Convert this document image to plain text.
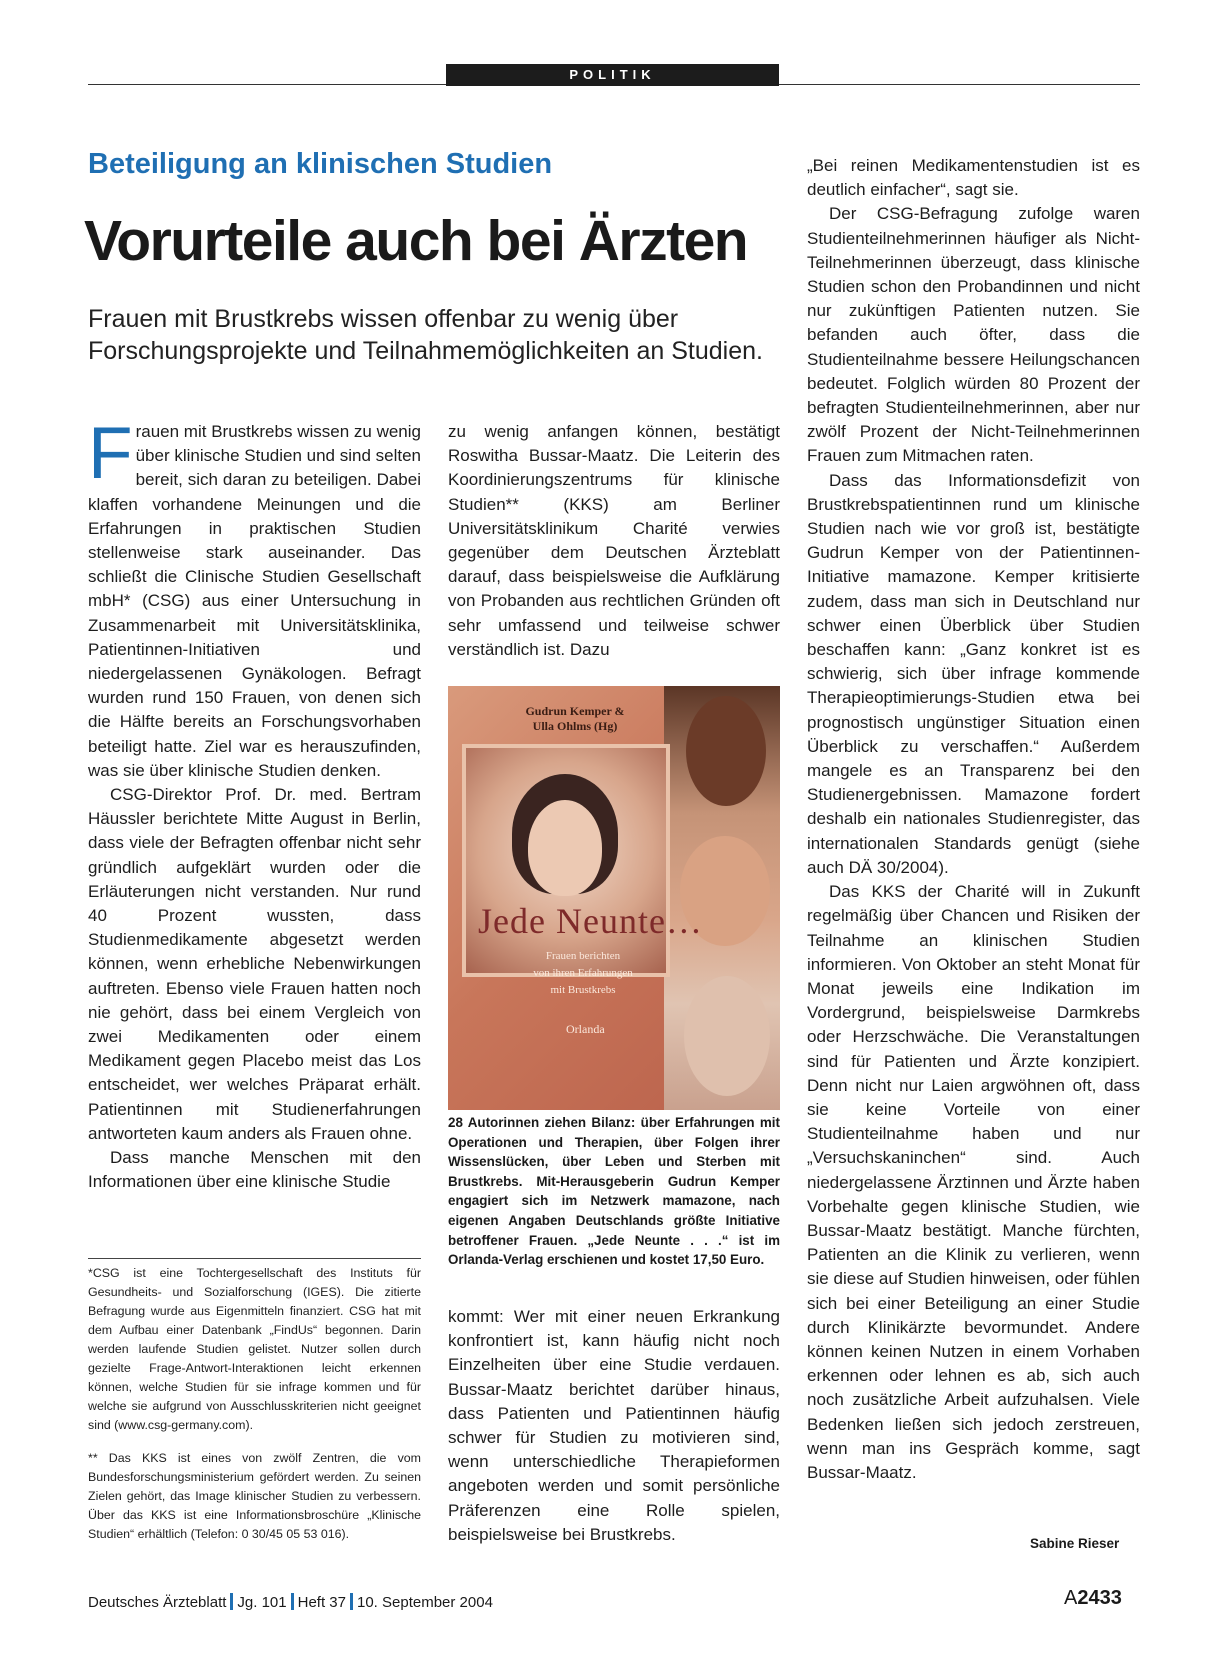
POLITIK
Beteiligung an klinischen Studien
Vorurteile auch bei Ärzten
Frauen mit Brustkrebs wissen offenbar zu wenig über Forschungsprojekte und Teilnahmemöglichkeiten an Studien.

Frauen mit Brustkrebs wissen zu wenig über klinische Studien und sind selten bereit, sich daran zu beteiligen. Dabei klaffen vorhandene Meinungen und die Erfahrungen in praktischen Studien stellenweise stark auseinander. Das schließt die Clinische Studien Gesellschaft mbH* (CSG) aus einer Untersuchung in Zusammenarbeit mit Universitätsklinika, Patientinnen-Initiativen und niedergelassenen Gynäkologen. Befragt wurden rund 150 Frauen, von denen sich die Hälfte bereits an Forschungsvorhaben beteiligt hatte. Ziel war es herauszufinden, was sie über klinische Studien denken.

CSG-Direktor Prof. Dr. med. Bertram Häussler berichtete Mitte August in Berlin, dass viele der Befragten offenbar nicht sehr gründlich aufgeklärt wurden oder die Erläuterungen nicht verstanden. Nur rund 40 Prozent wussten, dass Studienmedikamente abgesetzt werden können, wenn erhebliche Nebenwirkungen auftreten. Ebenso viele Frauen hatten noch nie gehört, dass bei einem Vergleich von zwei Medikamenten oder einem Medikament gegen Placebo meist das Los entscheidet, wer welches Präparat erhält. Patientinnen mit Studienerfahrungen antworteten kaum anders als Frauen ohne.

Dass manche Menschen mit den Informationen über eine klinische Studie

*CSG ist eine Tochtergesellschaft des Instituts für Gesundheits- und Sozialforschung (IGES). Die zitierte Befragung wurde aus Eigenmitteln finanziert. CSG hat mit dem Aufbau einer Datenbank „FindUs“ begonnen. Darin werden laufende Studien gelistet. Nutzer sollen durch gezielte Frage-Antwort-Interaktionen leicht erkennen können, welche Studien für sie infrage kommen und für welche sie aufgrund von Ausschlusskriterien nicht geeignet sind (www.csg-germany.com).

** Das KKS ist eines von zwölf Zentren, die vom Bundesforschungsministerium gefördert werden. Zu seinen Zielen gehört, das Image klinischer Studien zu verbessern. Über das KKS ist eine Informationsbroschüre „Klinische Studien“ erhältlich (Telefon: 0 30/45 05 53 016).

zu wenig anfangen können, bestätigt Roswitha Bussar-Maatz. Die Leiterin des Koordinierungszentrums für klinische Studien** (KKS) am Berliner Universitätsklinikum Charité verwies gegenüber dem Deutschen Ärzteblatt darauf, dass beispielsweise die Aufklärung von Probanden aus rechtlichen Gründen oft sehr umfassend und teilweise schwer verständlich ist. Dazu

Gudrun Kemper &
Ulla Ohlms (Hg)
Jede Neunte…
Frauen berichten
von ihren Erfahrungen
mit Brustkrebs
Orlanda
28 Autorinnen ziehen Bilanz: über Erfahrungen mit Operationen und Therapien, über Folgen ihrer Wissenslücken, über Leben und Sterben mit Brustkrebs. Mit-Herausgeberin Gudrun Kemper engagiert sich im Netzwerk mamazone, nach eigenen Angaben Deutschlands größte Initiative betroffener Frauen. „Jede Neunte . . .“ ist im Orlanda-Verlag erschienen und kostet 17,50 Euro.

kommt: Wer mit einer neuen Erkrankung konfrontiert ist, kann häufig nicht noch Einzelheiten über eine Studie verdauen. Bussar-Maatz berichtet darüber hinaus, dass Patienten und Patientinnen häufig schwer für Studien zu motivieren sind, wenn unterschiedliche Therapieformen angeboten werden und somit persönliche Präferenzen eine Rolle spielen, beispielsweise bei Brustkrebs.

„Bei reinen Medikamentenstudien ist es deutlich einfacher“, sagt sie.

Der CSG-Befragung zufolge waren Studienteilnehmerinnen häufiger als Nicht-Teilnehmerinnen überzeugt, dass klinische Studien schon den Probandinnen und nicht nur zukünftigen Patienten nutzen. Sie befanden auch öfter, dass die Studienteilnahme bessere Heilungschancen bedeutet. Folglich würden 80 Prozent der befragten Studienteilnehmerinnen, aber nur zwölf Prozent der Nicht-Teilnehmerinnen Frauen zum Mitmachen raten.

Dass das Informationsdefizit von Brustkrebspatientinnen rund um klinische Studien nach wie vor groß ist, bestätigte Gudrun Kemper von der Patientinnen-Initiative mamazone. Kemper kritisierte zudem, dass man sich in Deutschland nur schwer einen Überblick über Studien beschaffen kann: „Ganz konkret ist es schwierig, sich über infrage kommende Therapieoptimierungs-Studien etwa bei prognostisch ungünstiger Situation einen Überblick zu verschaffen.“ Außerdem mangele es an Transparenz bei den Studienergebnissen. Mamazone fordert deshalb ein nationales Studienregister, das internationalen Standards genügt (siehe auch DÄ 30/2004).

Das KKS der Charité will in Zukunft regelmäßig über Chancen und Risiken der Teilnahme an klinischen Studien informieren. Von Oktober an steht Monat für Monat jeweils eine Indikation im Vordergrund, beispielsweise Darmkrebs oder Herzschwäche. Die Veranstaltungen sind für Patienten und Ärzte konzipiert. Denn nicht nur Laien argwöhnen oft, dass sie keine Vorteile von einer Studienteilnahme haben und nur „Versuchskaninchen“ sind. Auch niedergelassene Ärztinnen und Ärzte haben Vorbehalte gegen klinische Studien, wie Bussar-Maatz bestätigt. Manche fürchten, Patienten an die Klinik zu verlieren, wenn sie diese auf Studien hinweisen, oder fühlen sich bei einer Beteiligung an einer Studie durch Klinikärzte bevormundet. Andere können keinen Nutzen in einem Vorhaben erkennen oder lehnen es ab, sich auch noch zusätzliche Arbeit aufzuhalsen. Viele Bedenken ließen sich jedoch zerstreuen, wenn man ins Gespräch komme, sagt Bussar-Maatz.

Sabine Rieser
Deutsches Ärzteblatt Jg. 101 Heft 37 10. September 2004	A2433
